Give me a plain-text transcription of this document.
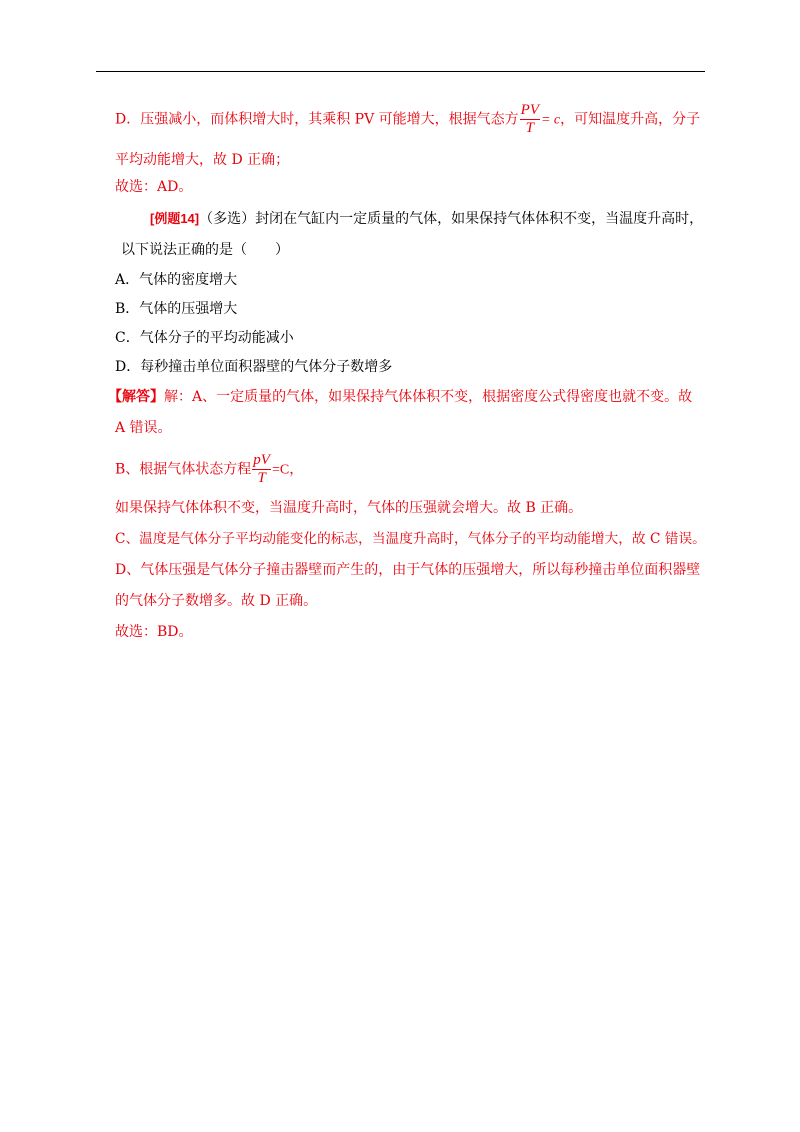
D．压强减小，而体积增大时，其乘积 PV 可能增大，根据气态方 $\frac{PV}{T} = c$，可知温度升高，分子
平均动能增大，故 D 正确；
故选：AD。
[例题14]（多选）封闭在气缸内一定质量的气体，如果保持气体体积不变，当温度升高时，
以下说法正确的是（　　）
A．气体的密度增大
B．气体的压强增大
C．气体分子的平均动能减小
D．每秒撞击单位面积器壁的气体分子数增多
【解答】解：A、一定质量的气体，如果保持气体体积不变，根据密度公式得密度也就不变。故
A 错误。
B、根据气体状态方程 $\frac{pV}{T} =C$，
如果保持气体体积不变，当温度升高时，气体的压强就会增大。故 B 正确。
C、温度是气体分子平均动能变化的标志，当温度升高时，气体分子的平均动能增大，故 C 错误。
D、气体压强是气体分子撞击器壁而产生的，由于气体的压强增大，所以每秒撞击单位面积器壁
的气体分子数增多。故 D 正确。
故选：BD。
